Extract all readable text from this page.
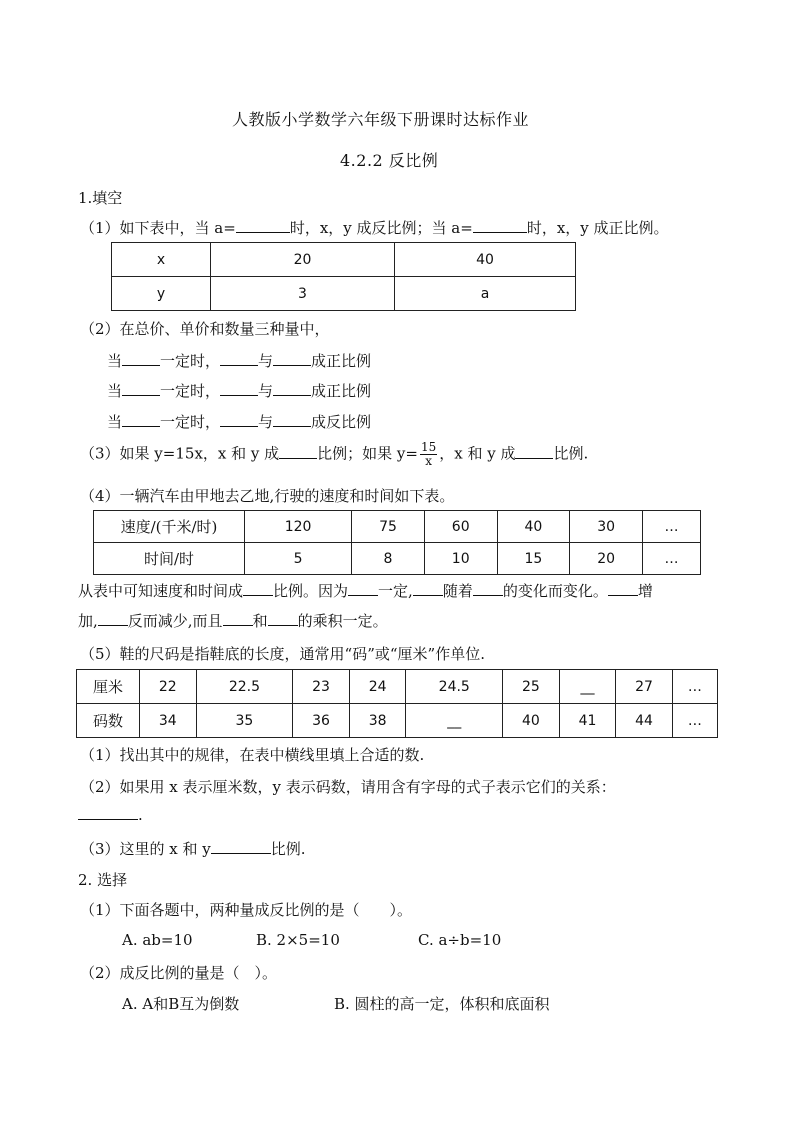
人教版小学数学六年级下册课时达标作业
4.2.2 反比例
1.填空
（1）如下表中，当 a=	时，x，y 成反比例；当 a=	时，x，y 成正比例。
x	20	40
y	3	a
（2）在总价、单价和数量三种量中，
当	一定时，	与	成正比例
当	一定时，	与	成正比例
当	一定时，	与	成反比例
（3）如果 y=15x，x 和 y 成	比例；如果 $y= \frac{15}{x}$ ，x 和 y 成	比例.
（4）一辆汽车由甲地去乙地,行驶的速度和时间如下表。
速度/(千米/时)	120	75	60	40	30	…
时间/时	5	8	10	15	20	…
从表中可知速度和时间成 比例。因为 一定, 随着 的变化而变化。 增
加, 反而减少,而且 和 的乘积一定。
（5）鞋的尺码是指鞋底的长度，通常用“码”或“厘米”作单位.
厘米	22	22.5	23	24	24.5	25	__	27	…
码数	34	35	36	38	__	40	41	44	…
（1）找出其中的规律，在表中横线里填上合适的数.
（2）如果用 x 表示厘米数，y 表示码数，请用含有字母的式子表示它们的关系：
.
（3）这里的 x 和 y	比例.
2. 选择
（1）下面各题中，两种量成反比例的是（　　）。
A. ab=10	B. 2×5=10	C. a÷b=10
（2）成反比例的量是（　）。
A. A和B互为倒数	B. 圆柱的高一定，体积和底面积
